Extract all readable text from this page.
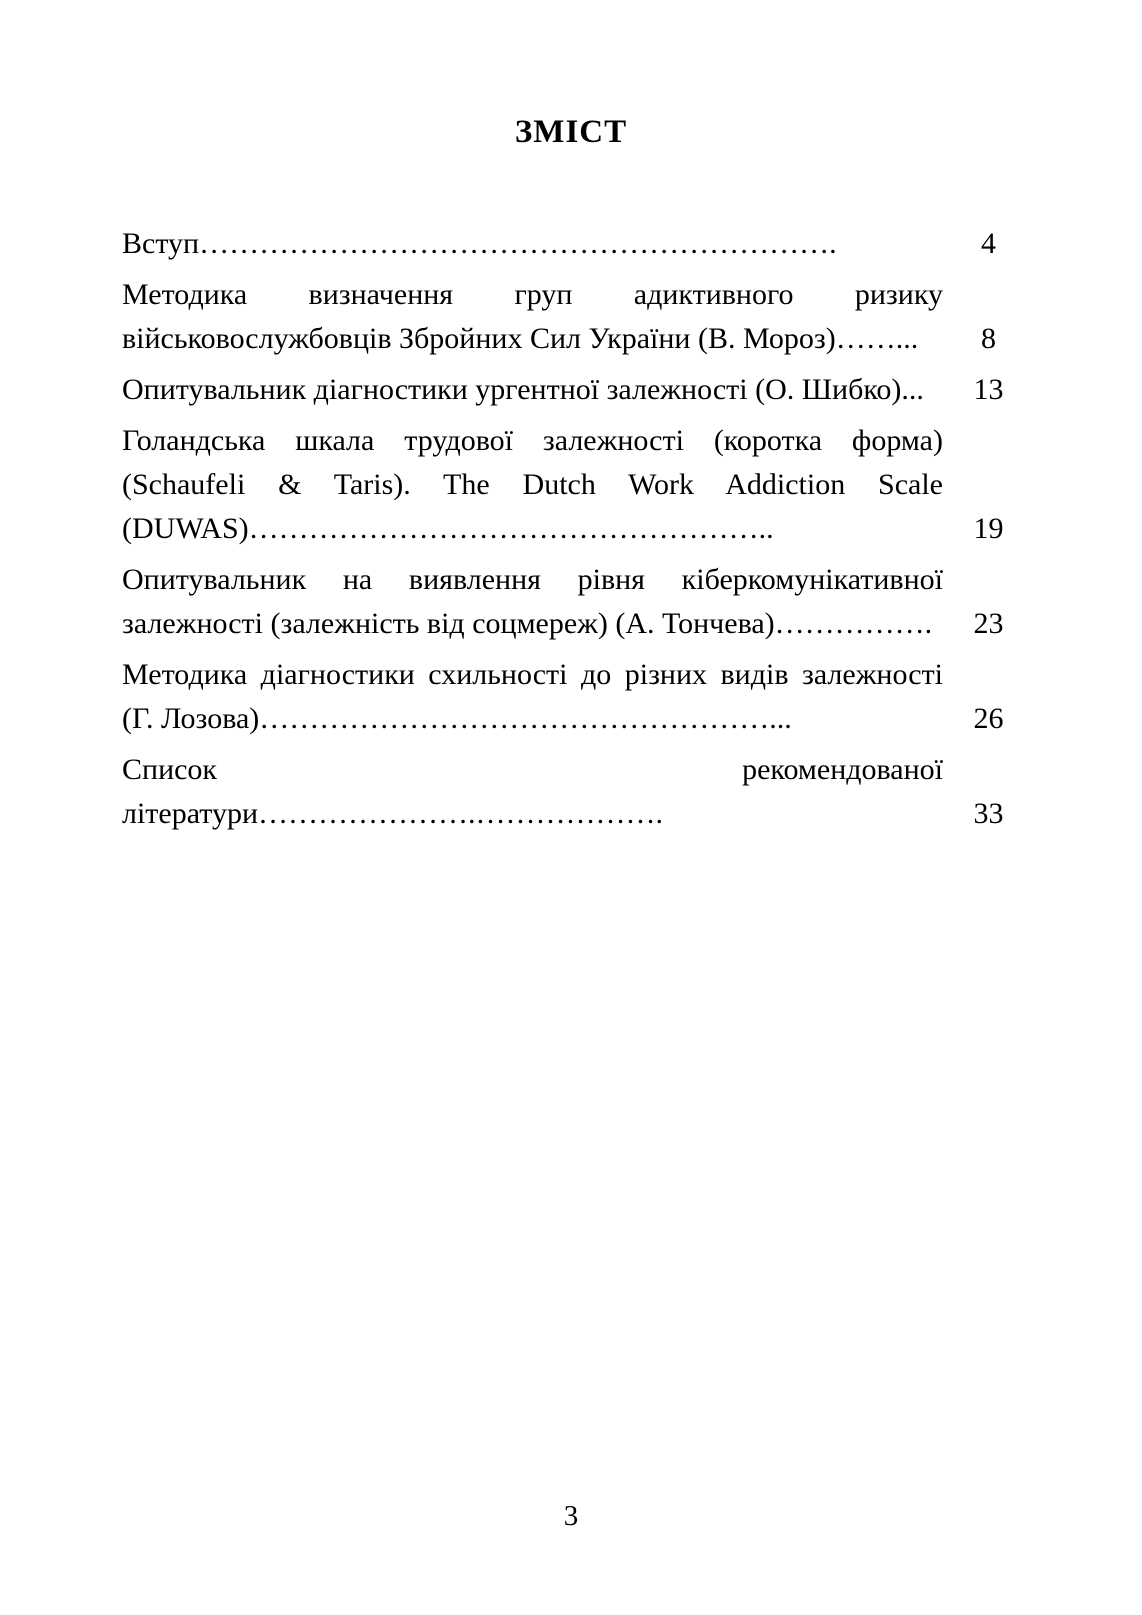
ЗМІСТ
Вступ……………………………………………………….	4
Методика визначення груп адиктивного ризику
військовослужбовців Збройних Сил України (В. Мороз)……...	8
Опитувальник діагностики ургентної залежності (О. Шибко)...	13
Голандська шкала трудової залежності (коротка форма)
(Schaufeli & Taris). The Dutch Work Addiction Scale
(DUWAS)……………………………………………..	19
Опитувальник на виявлення рівня кіберкомунікативної
залежності (залежність від соцмереж) (А. Тончева)…………….	23
Методика діагностики схильності до різних видів залежності
(Г. Лозова)……………………………………………...	26
Список рекомендованої літератури………………….……………….	33
3
